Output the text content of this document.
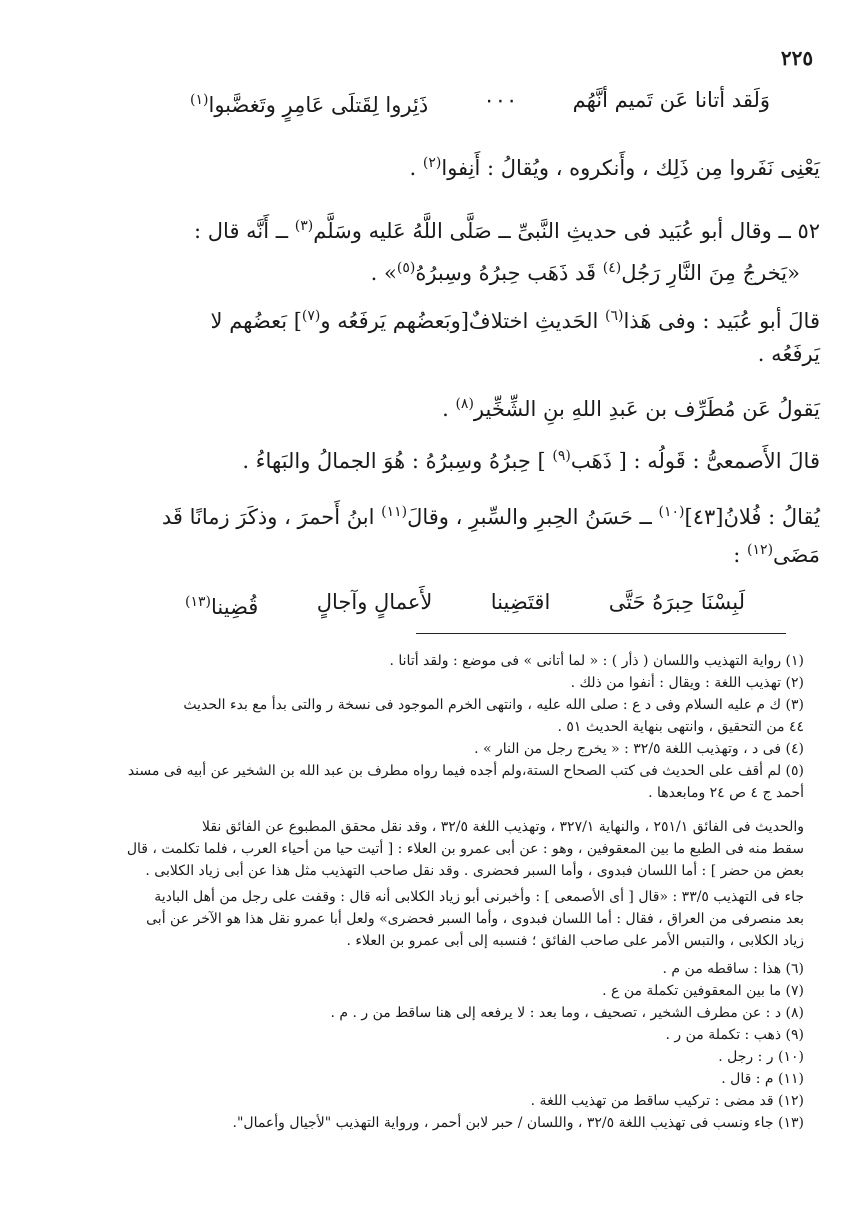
٢٢٥
وَلَقد أتانا عَن تَميم أنَّهُم
٠٠٠
ذَئِروا لِقَتلَى عَامِرٍ وتَغضَّبوا$^{(١)}$

يَعْنِى نَفَروا مِن ذَلِك ، وأَنكروه ، ويُقالُ : أَنِفوا$^{(٢)}$ .

٥٢ ــ وقال أبو عُبَيد فى حديثِ النَّبىِّ ــ صَلَّى اللَّهُ عَليه وسَلَّم$^{(٣)}$ ــ أَنَّه قال :

«يَخرجُ مِنَ النَّارِ رَجُل$^{(٤)}$ قَد ذَهَب حِبرُهُ وسِبرُهُ$^{(٥)}$» .

قالَ أبو عُبَيد : وفى هَذا$^{(٦)}$ الحَديثِ اختلافٌ[وبَعضُهم يَرفَعُه و$^{(٧)}$] بَعضُهم لا

يَرفَعُه .

يَقولُ عَن مُطَرِّف بن عَبدِ اللهِ بنِ الشِّخِّير$^{(٨)}$ .

قالَ الأَصمعىُّ : قَولُه : [ ذَهَب$^{(٩)}$ ] حِبرُهُ وسِبرُهُ : هُوَ الجمالُ والبَهاءُ .

يُقالُ : فُلانُ[٤٣]$^{(١٠)}$ ــ حَسَنُ الحِبرِ والسِّبرِ ، وقالَ$^{(١١)}$ ابنُ أَحمرَ ، وذكَرَ زمانًا قَد

مَضَى$^{(١٢)}$ :

لَبِسْنَا حِبرَهُ حَتَّى
اقتَضِينا
لأَعمالٍ وآجالٍ
قُضِينا$^{(١٣)}$

(١) رواية التهذيب واللسان ( ذأر ) : « لما أتانى » فى موضع : ولقد أتانا .

(٢) تهذيب اللغة : ويقال : أنفوا من ذلك .

(٣) ك م عليه السلام وفى د ع : صلى الله عليه ، وانتهى الخرم الموجود فى نسخة ر والتى بدأ مع بدء الحديث

٤٤ من التحقيق ، وانتهى بنهاية الحديث ٥١ .

(٤) فى د ، وتهذيب اللغة ٣٢/٥ : « يخرج رجل من النار » .

(٥) لم أقف على الحديث فى كتب الصحاح الستة،ولم أجده فيما رواه مطرف بن عبد الله بن الشخير عن أبيه فى مسند

أحمد ج ٤ ص ٢٤ ومابعدها .

والحديث فى الفائق ٢٥١/١ ، والنهاية ٣٢٧/١ ، وتهذيب اللغة ٣٢/٥ ، وقد نقل محقق المطبوع عن الفائق نقلا

سقط منه فى الطبع ما بين المعقوفين ، وهو : عن أبى عمرو بن العلاء : [ أتيت حيا من أحياء العرب ، فلما تكلمت ، قال

بعض من حضر ] : أما اللسان فبدوى ، وأما السبر فحضرى . وقد نقل صاحب التهذيب مثل هذا عن أبى زياد الكلابى .

جاء فى التهذيب ٣٣/٥ : «قال [ أى الأصمعى ] : وأخبرنى أبو زياد الكلابى أنه قال : وقفت على رجل من أهل البادية

بعد منصرفى من العراق ، فقال : أما اللسان فبدوى ، وأما السبر فحضرى» ولعل أبا عمرو نقل هذا هو الآخر عن أبى

زياد الكلابى ، والتبس الأمر على صاحب الفائق ؛ فنسبه إلى أبى عمرو بن العلاء .

(٦) هذا : ساقطه من م .

(٧) ما بين المعقوفين تكملة من ع .

(٨) د : عن مطرف الشخير ، تصحيف ، وما بعد : لا يرفعه إلى هنا ساقط من ر . م .

(٩) ذهب : تكملة من ر .

(١٠) ر : رجل .

(١١) م : قال .

(١٢) قد مضى : تركيب ساقط من تهذيب اللغة .

(١٣) جاء ونسب فى تهذيب اللغة ٣٢/٥ ، واللسان / حبر لابن أحمر ، ورواية التهذيب "لأجيال وأعمال".
